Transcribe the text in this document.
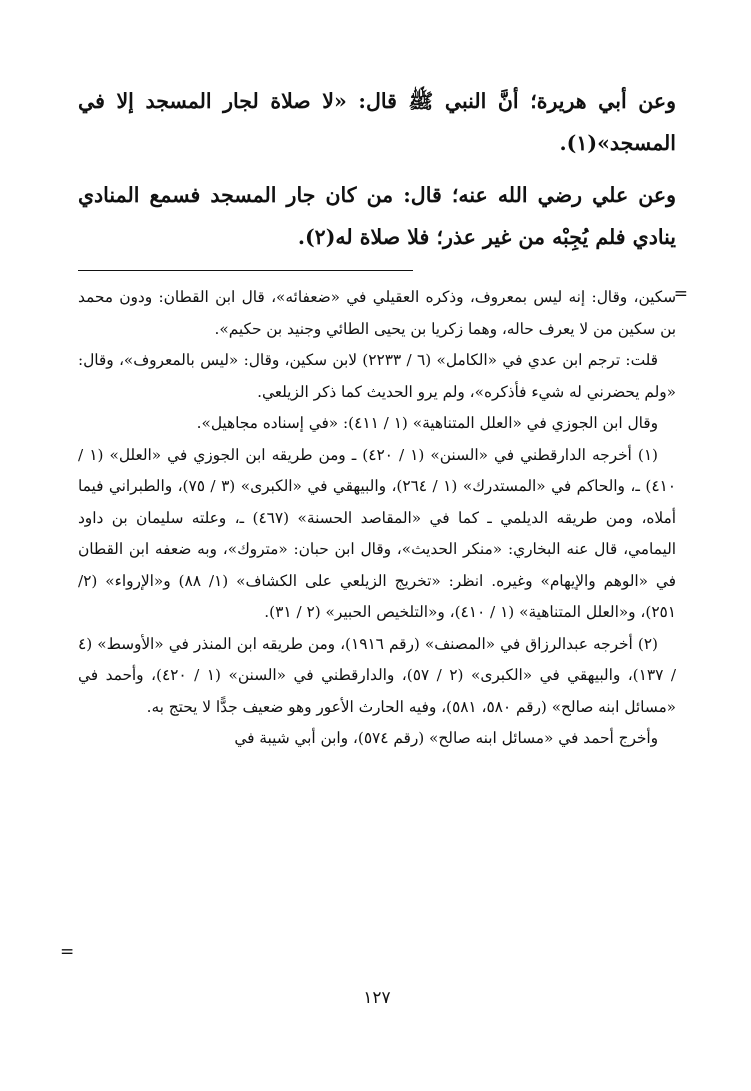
وعن أبي هريرة؛ أنَّ النبي ﷺ قال: «لا صلاة لجار المسجد إلا في المسجد»(١).

وعن علي رضي الله عنه؛ قال: من كان جار المسجد فسمع المنادي ينادي فلم يُجِبْه من غير عذر؛ فلا صلاة له(٢).

=

سكين، وقال: إنه ليس بمعروف، وذكره العقيلي في «ضعفائه»، قال ابن القطان: ودون محمد بن سكين من لا يعرف حاله، وهما زكريا بن يحيى الطائي وجنيد بن حكيم».

قلت: ترجم ابن عدي في «الكامل» (٦ / ٢٢٣٣) لابن سكين، وقال: «ليس بالمعروف»، وقال: «ولم يحضرني له شيء فأذكره»، ولم يرو الحديث كما ذكر الزيلعي.

وقال ابن الجوزي في «العلل المتناهية» (١ / ٤١١): «في إسناده مجاهيل».

(١) أخرجه الدارقطني في «السنن» (١ / ٤٢٠) ـ ومن طريقه ابن الجوزي في «العلل» (١ / ٤١٠) ـ، والحاكم في «المستدرك» (١ / ٢٦٤)، والبيهقي في «الكبرى» (٣ / ٧٥)، والطبراني فيما أملاه، ومن طريقه الديلمي ـ كما في «المقاصد الحسنة» (٤٦٧) ـ، وعلته سليمان بن داود اليمامي، قال عنه البخاري: «منكر الحديث»، وقال ابن حبان: «متروك»، وبه ضعفه ابن القطان في «الوهم والإيهام» وغيره. انظر: «تخريج الزيلعي على الكشاف» (١/ ٨٨) و«الإرواء» (٢/ ٢٥١)، و«العلل المتناهية» (١ / ٤١٠)، و«التلخيص الحبير» (٢ / ٣١).

(٢) أخرجه عبدالرزاق في «المصنف» (رقم ١٩١٦)، ومن طريقه ابن المنذر في «الأوسط» (٤ / ١٣٧)، والبيهقي في «الكبرى» (٢ / ٥٧)، والدارقطني في «السنن» (١ / ٤٢٠)، وأحمد في «مسائل ابنه صالح» (رقم ٥٨٠، ٥٨١)، وفيه الحارث الأعور وهو ضعيف جدًّا لا يحتج به.

وأخرج أحمد في «مسائل ابنه صالح» (رقم ٥٧٤)، وابن أبي شيبة في

=
١٢٧
